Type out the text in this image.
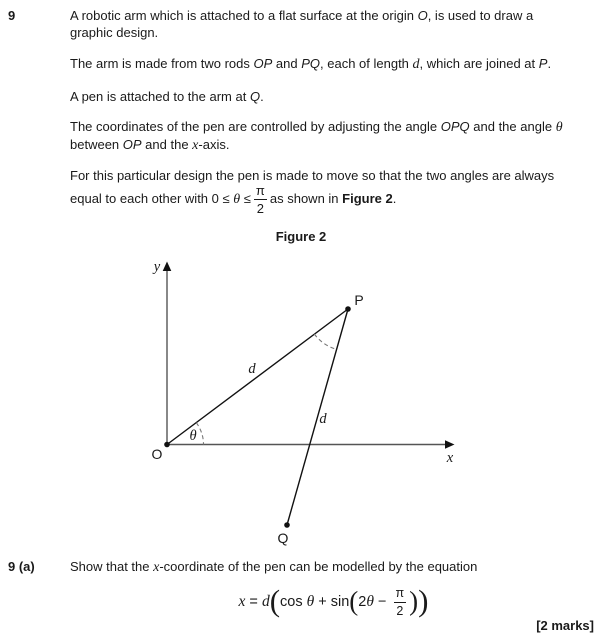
9	A robotic arm which is attached to a flat surface at the origin O, is used to draw a
graphic design.
The arm is made from two rods OP and PQ, each of length d, which are joined at P.
A pen is attached to the arm at Q.
The coordinates of the pen are controlled by adjusting the angle OPQ and the angle θ
between OP and the x-axis.
For this particular design the pen is made to move so that the two angles are always
equal to each other with $0 \le \theta \le \frac{\pi}{2}$ as shown in Figure 2.
Figure 2
y
x
O
P
Q
d
d
θ
9 (a)	Show that the x-coordinate of the pen can be modelled by the equation
x = d(cos $\theta + \sin(2\theta - \frac{\pi}{2}$ ))
[2 marks]
